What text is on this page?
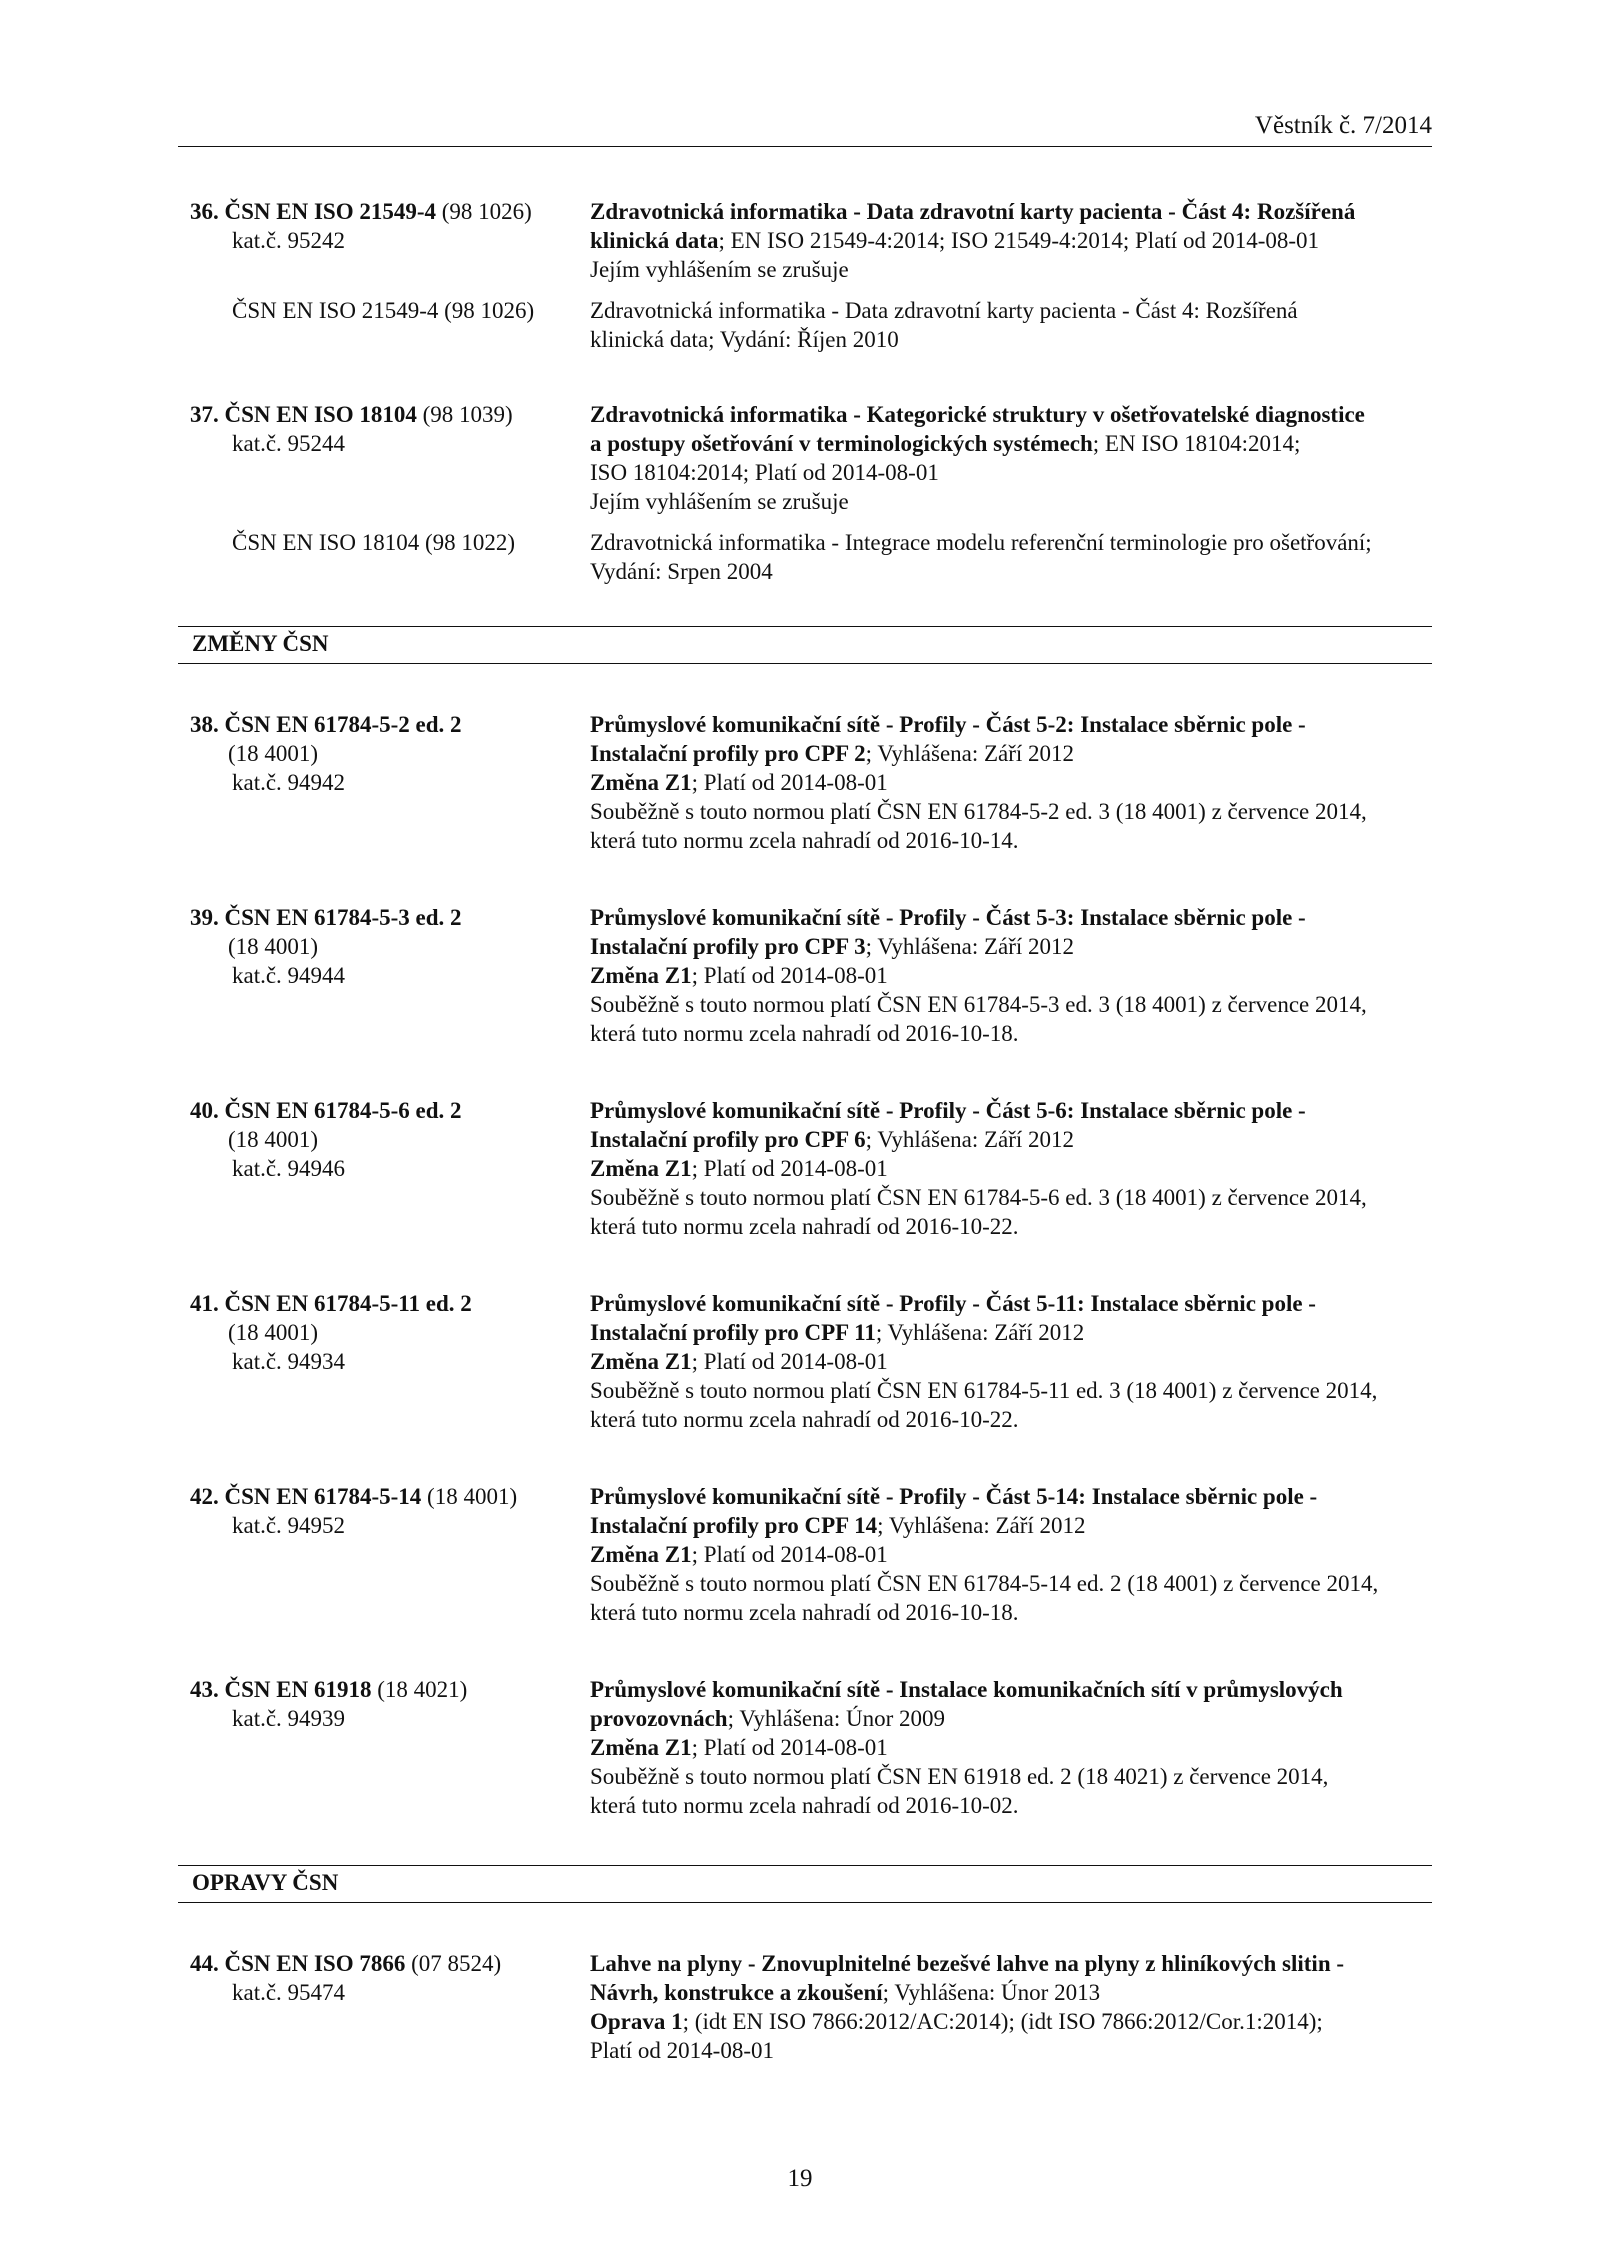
Věstník č. 7/2014
36. ČSN EN ISO 21549-4 (98 1026)
kat.č. 95242
Zdravotnická informatika - Data zdravotní karty pacienta - Část 4: Rozšířená
klinická data; EN ISO 21549-4:2014; ISO 21549-4:2014; Platí od 2014-08-01
Jejím vyhlášením se zrušuje
ČSN EN ISO 21549-4 (98 1026)	Zdravotnická informatika - Data zdravotní karty pacienta - Část 4: Rozšířená
klinická data; Vydání: Říjen 2010
37. ČSN EN ISO 18104 (98 1039)
kat.č. 95244
Zdravotnická informatika - Kategorické struktury v ošetřovatelské diagnostice
a postupy ošetřování v terminologických systémech; EN ISO 18104:2014;
ISO 18104:2014; Platí od 2014-08-01
Jejím vyhlášením se zrušuje
ČSN EN ISO 18104 (98 1022)	Zdravotnická informatika - Integrace modelu referenční terminologie pro ošetřování;
Vydání: Srpen 2004
ZMĚNY ČSN
38. ČSN EN 61784-5-2 ed. 2
(18 4001)
kat.č. 94942
Průmyslové komunikační sítě - Profily - Část 5-2: Instalace sběrnic pole -
Instalační profily pro CPF 2; Vyhlášena: Září 2012
Změna Z1; Platí od 2014-08-01
Souběžně s touto normou platí ČSN EN 61784-5-2 ed. 3 (18 4001) z července 2014,
která tuto normu zcela nahradí od 2016-10-14.
39. ČSN EN 61784-5-3 ed. 2
(18 4001)
kat.č. 94944
Průmyslové komunikační sítě - Profily - Část 5-3: Instalace sběrnic pole -
Instalační profily pro CPF 3; Vyhlášena: Září 2012
Změna Z1; Platí od 2014-08-01
Souběžně s touto normou platí ČSN EN 61784-5-3 ed. 3 (18 4001) z července 2014,
která tuto normu zcela nahradí od 2016-10-18.
40. ČSN EN 61784-5-6 ed. 2
(18 4001)
kat.č. 94946
Průmyslové komunikační sítě - Profily - Část 5-6: Instalace sběrnic pole -
Instalační profily pro CPF 6; Vyhlášena: Září 2012
Změna Z1; Platí od 2014-08-01
Souběžně s touto normou platí ČSN EN 61784-5-6 ed. 3 (18 4001) z července 2014,
která tuto normu zcela nahradí od 2016-10-22.
41. ČSN EN 61784-5-11 ed. 2
(18 4001)
kat.č. 94934
Průmyslové komunikační sítě - Profily - Část 5-11: Instalace sběrnic pole -
Instalační profily pro CPF 11; Vyhlášena: Září 2012
Změna Z1; Platí od 2014-08-01
Souběžně s touto normou platí ČSN EN 61784-5-11 ed. 3 (18 4001) z července 2014,
která tuto normu zcela nahradí od 2016-10-22.
42. ČSN EN 61784-5-14 (18 4001)
kat.č. 94952
Průmyslové komunikační sítě - Profily - Část 5-14: Instalace sběrnic pole -
Instalační profily pro CPF 14; Vyhlášena: Září 2012
Změna Z1; Platí od 2014-08-01
Souběžně s touto normou platí ČSN EN 61784-5-14 ed. 2 (18 4001) z července 2014,
která tuto normu zcela nahradí od 2016-10-18.
43. ČSN EN 61918 (18 4021)
kat.č. 94939
Průmyslové komunikační sítě - Instalace komunikačních sítí v průmyslových
provozovnách; Vyhlášena: Únor 2009
Změna Z1; Platí od 2014-08-01
Souběžně s touto normou platí ČSN EN 61918 ed. 2 (18 4021) z července 2014,
která tuto normu zcela nahradí od 2016-10-02.
OPRAVY ČSN
44. ČSN EN ISO 7866 (07 8524)
kat.č. 95474
Lahve na plyny - Znovuplnitelné bezešvé lahve na plyny z hliníkových slitin -
Návrh, konstrukce a zkoušení; Vyhlášena: Únor 2013
Oprava 1; (idt EN ISO 7866:2012/AC:2014); (idt ISO 7866:2012/Cor.1:2014);
Platí od 2014-08-01
19
